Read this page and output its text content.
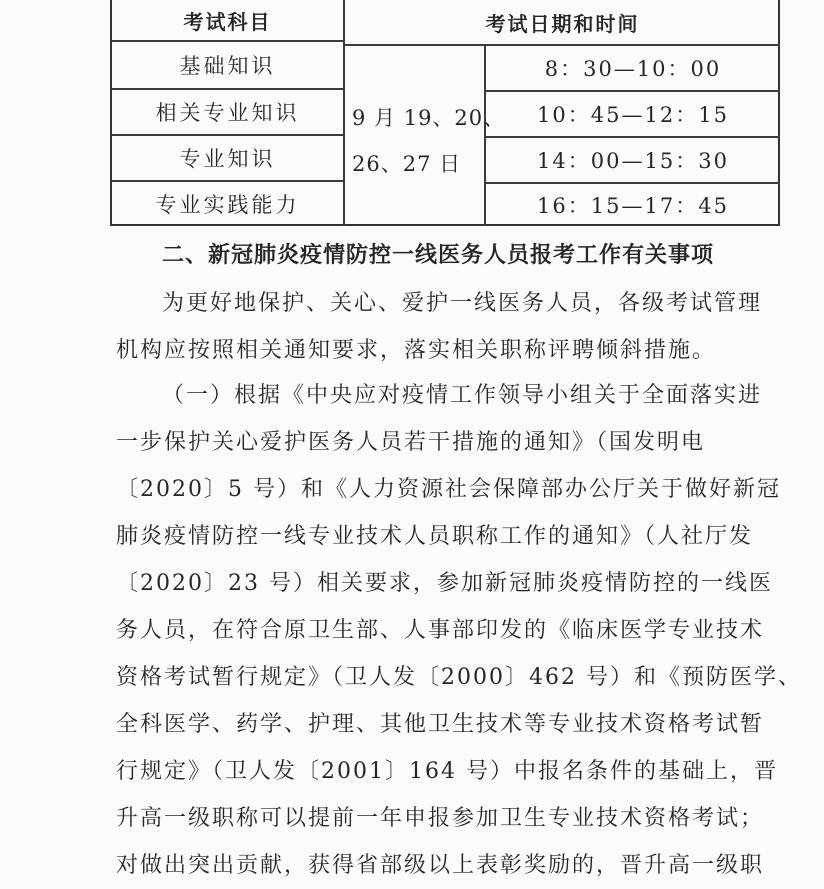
考试科目	考试日期和时间
基础知识
相关专业知识
专业知识
专业实践能力
9 月 19、20、
26、27 日
8：30—10：00
10：45—12：15
14：00—15：30
16：15—17：45
二、新冠肺炎疫情防控一线医务人员报考工作有关事项
为更好地保护、关心、爱护一线医务人员，各级考试管理
机构应按照相关通知要求，落实相关职称评聘倾斜措施。
（一）根据《中央应对疫情工作领导小组关于全面落实进
一步保护关心爱护医务人员若干措施的通知》（国发明电
〔2020〕5 号）和《人力资源社会保障部办公厅关于做好新冠
肺炎疫情防控一线专业技术人员职称工作的通知》（人社厅发
〔2020〕23 号）相关要求，参加新冠肺炎疫情防控的一线医
务人员，在符合原卫生部、人事部印发的《临床医学专业技术
资格考试暂行规定》（卫人发〔2000〕462 号）和《预防医学、
全科医学、药学、护理、其他卫生技术等专业技术资格考试暂
行规定》（卫人发〔2001〕164 号）中报名条件的基础上，晋
升高一级职称可以提前一年申报参加卫生专业技术资格考试；
对做出突出贡献，获得省部级以上表彰奖励的，晋升高一级职
